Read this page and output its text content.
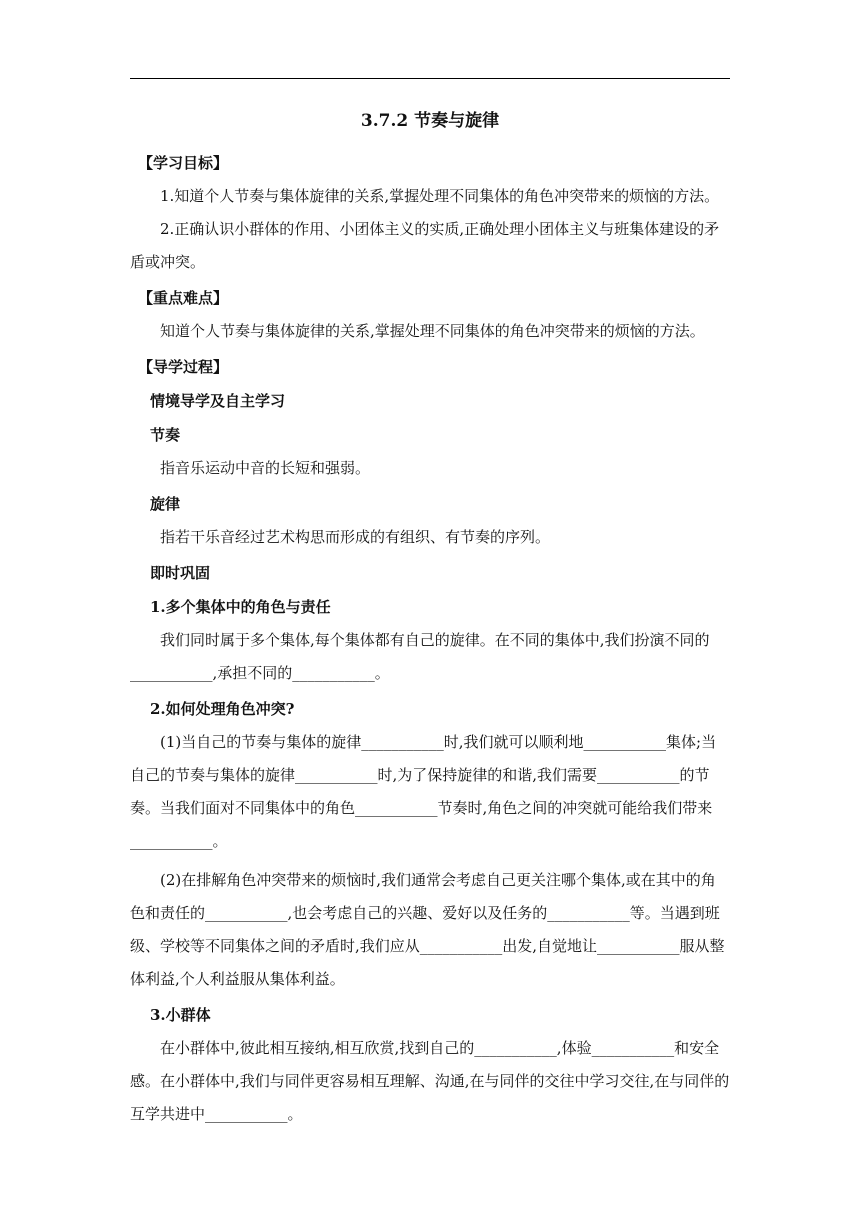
3.7.2 节奏与旋律
【学习目标】

1.知道个人节奏与集体旋律的关系,掌握处理不同集体的角色冲突带来的烦恼的方法。

2.正确认识小群体的作用、小团体主义的实质,正确处理小团体主义与班集体建设的矛盾或冲突。

【重点难点】

知道个人节奏与集体旋律的关系,掌握处理不同集体的角色冲突带来的烦恼的方法。

【导学过程】
情境导学及自主学习
节奏

指音乐运动中音的长短和强弱。

旋律

指若干乐音经过艺术构思而形成的有组织、有节奏的序列。

即时巩固
1.多个集体中的角色与责任

我们同时属于多个集体,每个集体都有自己的旋律。在不同的集体中,我们扮演不同的___________,承担不同的___________。

2.如何处理角色冲突?

(1)当自己的节奏与集体的旋律___________时,我们就可以顺利地___________集体;当自己的节奏与集体的旋律___________时,为了保持旋律的和谐,我们需要___________的节奏。当我们面对不同集体中的角色___________节奏时,角色之间的冲突就可能给我们带来___________。

(2)在排解角色冲突带来的烦恼时,我们通常会考虑自己更关注哪个集体,或在其中的角色和责任的___________,也会考虑自己的兴趣、爱好以及任务的___________等。当遇到班级、学校等不同集体之间的矛盾时,我们应从___________出发,自觉地让___________服从整体利益,个人利益服从集体利益。

3.小群体

在小群体中,彼此相互接纳,相互欣赏,找到自己的___________,体验___________和安全感。在小群体中,我们与同伴更容易相互理解、沟通,在与同伴的交往中学习交往,在与同伴的互学共进中___________。
